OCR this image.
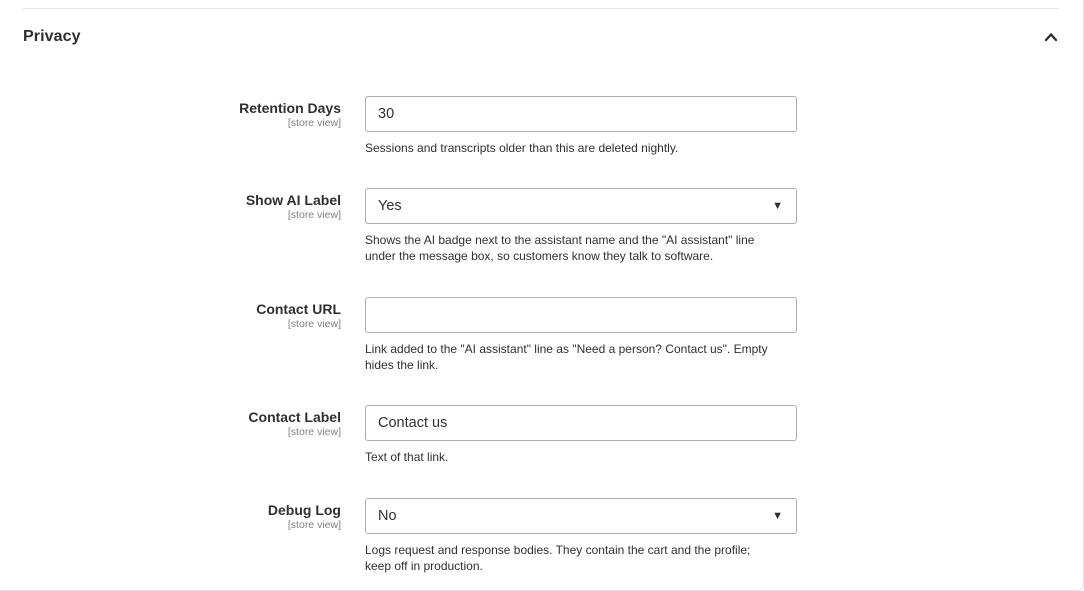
Privacy
Retention Days
[store view]
30
Sessions and transcripts older than this are deleted nightly.
Show AI Label
[store view]
Yes	▼
Shows the AI badge next to the assistant name and the "AI assistant" line
under the message box, so customers know they talk to software.
Contact URL
[store view]
Link added to the "AI assistant" line as "Need a person? Contact us". Empty
hides the link.
Contact Label
[store view]
Contact us
Text of that link.
Debug Log
[store view]
No	▼
Logs request and response bodies. They contain the cart and the profile;
keep off in production.
